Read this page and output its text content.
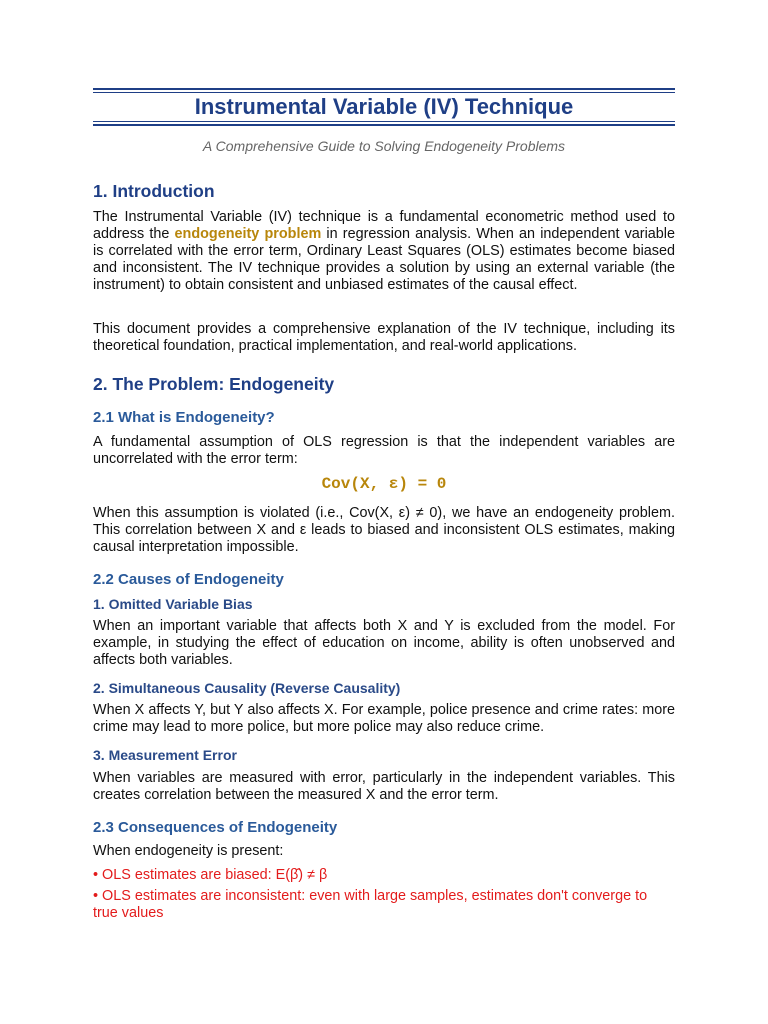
Instrumental Variable (IV) Technique

A Comprehensive Guide to Solving Endogeneity Problems

1. Introduction

The Instrumental Variable (IV) technique is a fundamental econometric method used to address the endogeneity problem in regression analysis. When an independent variable is correlated with the error term, Ordinary Least Squares (OLS) estimates become biased and inconsistent. The IV technique provides a solution by using an external variable (the instrument) to obtain consistent and unbiased estimates of the causal effect.

This document provides a comprehensive explanation of the IV technique, including its theoretical foundation, practical implementation, and real-world applications.

2. The Problem: Endogeneity
2.1 What is Endogeneity?

A fundamental assumption of OLS regression is that the independent variables are uncorrelated with the error term:

Cov(X, ε) = 0

When this assumption is violated (i.e., Cov(X, ε) ≠ 0), we have an endogeneity problem. This correlation between X and ε leads to biased and inconsistent OLS estimates, making causal interpretation impossible.

2.2 Causes of Endogeneity
1. Omitted Variable Bias

When an important variable that affects both X and Y is excluded from the model. For example, in studying the effect of education on income, ability is often unobserved and affects both variables.

2. Simultaneous Causality (Reverse Causality)

When X affects Y, but Y also affects X. For example, police presence and crime rates: more crime may lead to more police, but more police may also reduce crime.

3. Measurement Error

When variables are measured with error, particularly in the independent variables. This creates correlation between the measured X and the error term.

2.3 Consequences of Endogeneity

When endogeneity is present:

• OLS estimates are biased: E(β̂) ≠ β

• OLS estimates are inconsistent: even with large samples, estimates don't converge to true values
